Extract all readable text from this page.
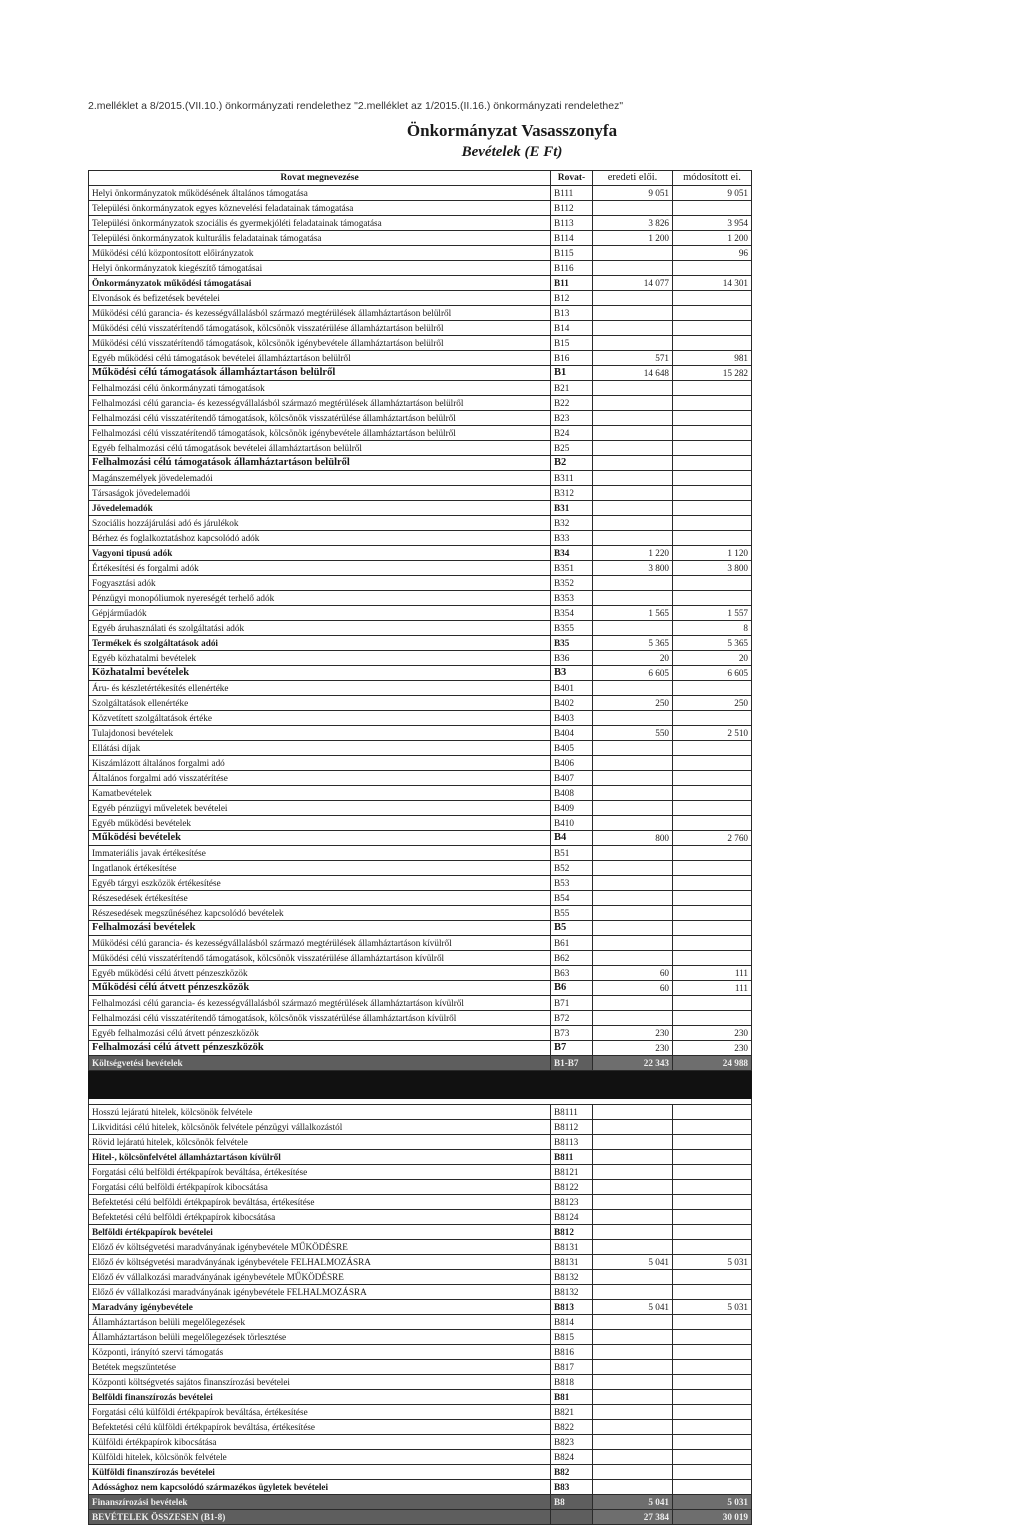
2.melléklet a 8/2015.(VII.10.) önkormányzati rendelethez "2.melléklet az 1/2015.(II.16.) önkormányzati rendelethez"
Önkormányzat Vasasszonyfa
Bevételek (E Ft)
Rovat megnevezése	Rovat-	eredeti elői.	módosított ei.
Helyi önkormányzatok működésének általános támogatása	B111	9 051	9 051
Települési önkormányzatok egyes köznevelési feladatainak támogatása	B112		
Települési önkormányzatok szociális és gyermekjóléti feladatainak támogatása	B113	3 826	3 954
Települési önkormányzatok kulturális feladatainak támogatása	B114	1 200	1 200
Működési célú központosított előirányzatok	B115		96
Helyi önkormányzatok kiegészítő támogatásai	B116		
Önkormányzatok működési támogatásai	B11	14 077	14 301
Elvonások és befizetések bevételei	B12		
Működési célú garancia- és kezességvállalásból származó megtérülések államháztartáson belülről	B13		
Működési célú visszatérítendő támogatások, kölcsönök visszatérülése államháztartáson belülről	B14		
Működési célú visszatérítendő támogatások, kölcsönök igénybevétele államháztartáson belülről	B15		
Egyéb működési célú támogatások bevételei államháztartáson belülről	B16	571	981
Működési célú támogatások államháztartáson belülről	B1	14 648	15 282
Felhalmozási célú önkormányzati támogatások	B21		
Felhalmozási célú garancia- és kezességvállalásból származó megtérülések államháztartáson belülről	B22		
Felhalmozási célú visszatérítendő támogatások, kölcsönök visszatérülése államháztartáson belülről	B23		
Felhalmozási célú visszatérítendő támogatások, kölcsönök igénybevétele államháztartáson belülről	B24		
Egyéb felhalmozási célú támogatások bevételei államháztartáson belülről	B25		
Felhalmozási célú támogatások államháztartáson belülről	B2		
Magánszemélyek jövedelemadói	B311		
Társaságok jövedelemadói	B312		
Jövedelemadók	B31		
Szociális hozzájárulási adó és járulékok	B32		
Bérhez és foglalkoztatáshoz kapcsolódó adók	B33		
Vagyoni tipusú adók	B34	1 220	1 120
Értékesítési és forgalmi adók	B351	3 800	3 800
Fogyasztási adók	B352		
Pénzügyi monopóliumok nyereségét terhelő adók	B353		
Gépjárműadók	B354	1 565	1 557
Egyéb áruhasználati és szolgáltatási adók	B355		8
Termékek és szolgáltatások adói	B35	5 365	5 365
Egyéb közhatalmi bevételek	B36	20	20
Közhatalmi bevételek	B3	6 605	6 605
Áru- és készletértékesítés ellenértéke	B401		
Szolgáltatások ellenértéke	B402	250	250
Közvetített szolgáltatások értéke	B403		
Tulajdonosi bevételek	B404	550	2 510
Ellátási díjak	B405		
Kiszámlázott általános forgalmi adó	B406		
Általános forgalmi adó visszatérítése	B407		
Kamatbevételek	B408		
Egyéb pénzügyi műveletek bevételei	B409		
Egyéb működési bevételek	B410		
Működési bevételek	B4	800	2 760
Immateriális javak értékesítése	B51		
Ingatlanok értékesítése	B52		
Egyéb tárgyi eszközök értékesítése	B53		
Részesedések értékesítése	B54		
Részesedések megszűnéséhez kapcsolódó bevételek	B55		
Felhalmozási bevételek	B5		
Működési célú garancia- és kezességvállalásból származó megtérülések államháztartáson kívülről	B61		
Működési célú visszatérítendő támogatások, kölcsönök visszatérülése államháztartáson kívülről	B62		
Egyéb működési célú átvett pénzeszközök	B63	60	111
Működési célú átvett pénzeszközök	B6	60	111
Felhalmozási célú garancia- és kezességvállalásból származó megtérülések államháztartáson kívülről	B71		
Felhalmozási célú visszatérítendő támogatások, kölcsönök visszatérülése államháztartáson kívülről	B72		
Egyéb felhalmozási célú átvett pénzeszközök	B73	230	230
Felhalmozási célú átvett pénzeszközök	B7	230	230
Költségvetési bevételek	B1-B7	22 343	24 988

Hosszú lejáratú hitelek, kölcsönök felvétele	B8111		
Likviditási célú hitelek, kölcsönök felvétele pénzügyi vállalkozástól	B8112		
Rövid lejáratú hitelek, kölcsönök felvétele	B8113		
Hitel-, kölcsönfelvétel államháztartáson kívülről	B811		
Forgatási célú belföldi értékpapírok beváltása, értékesítése	B8121		
Forgatási célú belföldi értékpapírok kibocsátása	B8122		
Befektetési célú belföldi értékpapírok beváltása, értékesítése	B8123		
Befektetési célú belföldi értékpapírok kibocsátása	B8124		
Belföldi értékpapírok bevételei	B812		
Előző év költségvetési maradványának igénybevétele MŰKÖDÉSRE	B8131		
Előző év költségvetési maradványának igénybevétele FELHALMOZÁSRA	B8131	5 041	5 031
Előző év vállalkozási maradványának igénybevétele MŰKÖDÉSRE	B8132		
Előző év vállalkozási maradványának igénybevétele FELHALMOZÁSRA	B8132		
Maradvány igénybevétele	B813	5 041	5 031
Államháztartáson belüli megelőlegezések	B814		
Államháztartáson belüli megelőlegezések törlesztése	B815		
Központi, irányító szervi támogatás	B816		
Betétek megszüntetése	B817		
Központi költségvetés sajátos finanszírozási bevételei	B818		
Belföldi finanszírozás bevételei	B81		
Forgatási célú külföldi értékpapírok beváltása, értékesítése	B821		
Befektetési célú külföldi értékpapírok beváltása, értékesítése	B822		
Külföldi értékpapírok kibocsátása	B823		
Külföldi hitelek, kölcsönök felvétele	B824		
Külföldi finanszírozás bevételei	B82		
Adóssághoz nem kapcsolódó származékos ügyletek bevételei	B83		
Finanszírozási bevételek	B8	5 041	5 031
BEVÉTELEK ÖSSZESEN (B1-8)		27 384	30 019
